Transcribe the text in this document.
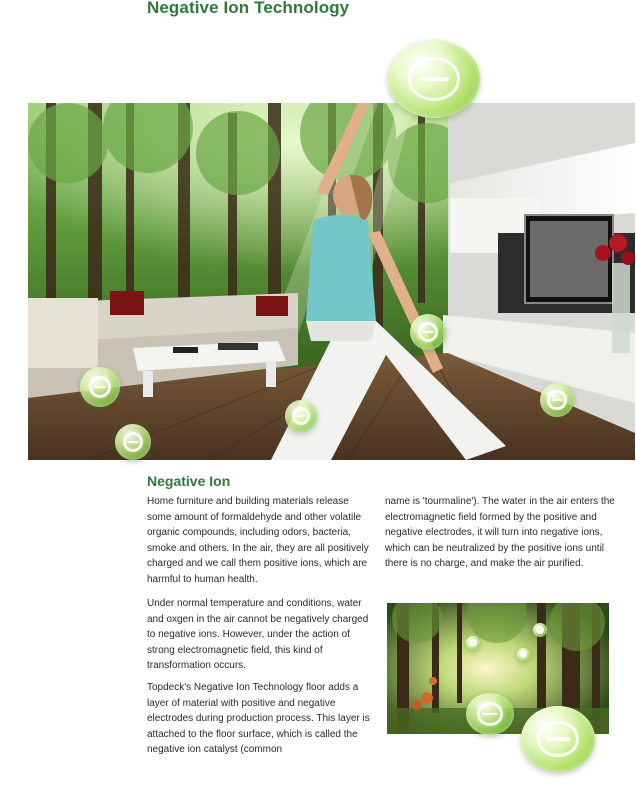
Negative Ion Technology
Negative Ion

Home furniture and building materials release some amount of formaldehyde and other volatile organic compounds, including odors, bacteria, smoke and others. In the air, they are all positively charged and we call them positive ions, which are harmful to human health.

Under normal temperature and conditions, water and oxgen in the air cannot be negatively charged to negative ions. However, under the action of strong electromagnetic field, this kind of transformation occurs.

Topdeck's Negative Ion Technology floor adds a layer of material with positive and negative electrodes during production process. This layer is attached to the floor surface, which is called the negative ion catalyst (common

name is 'tourmaline'). The water in the air enters the electromagnetic field formed by the positive and negative electrodes, it will turn into negative ions, which can be neutralized by the positive ions until there is no charge, and make the air purified.
